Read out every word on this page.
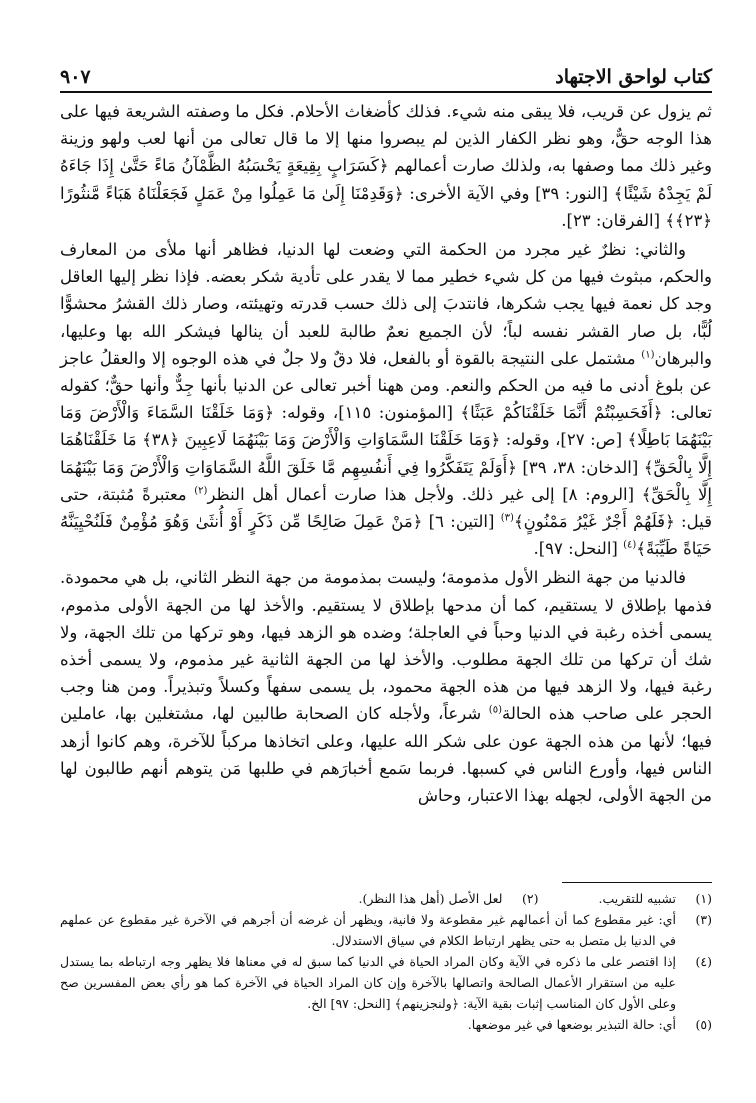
كتاب لواحق الاجتهاد
٩٠٧

ثم يزول عن قريب، فلا يبقى منه شيء. فذلك كأضغاث الأحلام. فكل ما وصفته الشريعة فيها على هذا الوجه حقٌّ، وهو نظر الكفار الذين لم يبصروا منها إلا ما قال تعالى من أنها لعب ولهو وزينة وغير ذلك مما وصفها به، ولذلك صارت أعمالهم ﴿كَسَرَابٍ بِقِيعَةٍ يَحْسَبُهُ الظَّمْآنُ مَاءً حَتَّىٰ إِذَا جَاءَهُ لَمْ يَجِدْهُ شَيْئًا﴾ [النور: ٣٩] وفي الآية الأخرى: ﴿وَقَدِمْنَا إِلَىٰ مَا عَمِلُوا مِنْ عَمَلٍ فَجَعَلْنَاهُ هَبَاءً مَّنثُورًا ﴿٢٣﴾﴾ [الفرقان: ٢٣].

والثاني: نظرٌ غير مجرد من الحكمة التي وضعت لها الدنيا، فظاهر أنها ملأى من المعارف والحكم، مبثوث فيها من كل شيء خطير مما لا يقدر على تأدية شكر بعضه. فإذا نظر إليها العاقل وجد كل نعمة فيها يجب شكرها، فانتدبَ إلى ذلك حسب قدرته وتهيئته، وصار ذلك القشرُ محشوًّا لُبًّا، بل صار القشر نفسه لباً؛ لأن الجميع نعمٌ طالبة للعبد أن ينالها فيشكر الله بها وعليها، والبرهان$^{(١)}$ مشتمل على النتيجة بالقوة أو بالفعل، فلا دقٌ ولا جلٌ في هذه الوجوه إلا والعقلُ عاجز عن بلوغ أدنى ما فيه من الحكم والنعم. ومن ههنا أخبر تعالى عن الدنيا بأنها جِدٌّ وأنها حقٌّ؛ كقوله تعالى: ﴿أَفَحَسِبْتُمْ أَنَّمَا خَلَقْنَاكُمْ عَبَثًا﴾ [المؤمنون: ١١٥]، وقوله: ﴿وَمَا خَلَقْنَا السَّمَاءَ وَالْأَرْضَ وَمَا بَيْنَهُمَا بَاطِلًا﴾ [ص: ٢٧]، وقوله: ﴿وَمَا خَلَقْنَا السَّمَاوَاتِ وَالْأَرْضَ وَمَا بَيْنَهُمَا لَاعِبِينَ ﴿٣٨﴾ مَا خَلَقْنَاهُمَا إِلَّا بِالْحَقِّ﴾ [الدخان: ٣٨، ٣٩] ﴿أَوَلَمْ يَتَفَكَّرُوا فِي أَنفُسِهِم مَّا خَلَقَ اللَّهُ السَّمَاوَاتِ وَالْأَرْضَ وَمَا بَيْنَهُمَا إِلَّا بِالْحَقِّ﴾ [الروم: ٨] إلى غير ذلك. ولأجل هذا صارت أعمال أهل النظر$^{(٢)}$ معتبرةً مُثبتة، حتى قيل: ﴿فَلَهُمْ أَجْرٌ غَيْرُ مَمْنُونٍ﴾$^{(٣)}$ [التين: ٦] ﴿مَنْ عَمِلَ صَالِحًا مِّن ذَكَرٍ أَوْ أُنثَىٰ وَهُوَ مُؤْمِنٌ فَلَنُحْيِيَنَّهُ حَيَاةً طَيِّبَةً﴾$^{(٤)}$ [النحل: ٩٧].

فالدنيا من جهة النظر الأول مذمومة؛ وليست بمذمومة من جهة النظر الثاني، بل هي محمودة. فذمها بإطلاق لا يستقيم، كما أن مدحها بإطلاق لا يستقيم. والأخذ لها من الجهة الأولى مذموم، يسمى أخذه رغبة في الدنيا وحباً في العاجلة؛ وضده هو الزهد فيها، وهو تركها من تلك الجهة، ولا شك أن تركها من تلك الجهة مطلوب. والأخذ لها من الجهة الثانية غير مذموم، ولا يسمى أخذه رغبة فيها، ولا الزهد فيها من هذه الجهة محمود، بل يسمى سفهاً وكسلاً وتبذيراً. ومن هنا وجب الحجر على صاحب هذه الحالة$^{(٥)}$ شرعاً، ولأجله كان الصحابة طالبين لها، مشتغلين بها، عاملين فيها؛ لأنها من هذه الجهة عون على شكر الله عليها، وعلى اتخاذها مركباً للآخرة، وهم كانوا أزهد الناس فيها، وأورع الناس في كسبها. فربما سَمع أخبارَهم في طلبها مَن يتوهم أنهم طالبون لها من الجهة الأولى، لجهله بهذا الاعتبار، وحاش

(١)
تشبيه للتقريب.
(٢)
لعل الأصل (أهل هذا النظر).
(٣)
أي: غير مقطوع كما أن أعمالهم غير مقطوعة ولا فانية، ويظهر أن غرضه أن أجرهم في الآخرة غير مقطوع عن عملهم في الدنيا بل متصل به حتى يظهر ارتباط الكلام في سياق الاستدلال.
(٤)
إذا اقتصر على ما ذكره في الآية وكان المراد الحياة في الدنيا كما سبق له في معناها فلا يظهر وجه ارتباطه بما يستدل عليه من استقرار الأعمال الصالحة واتصالها بالآخرة وإن كان المراد الحياة في الآخرة كما هو رأي بعض المفسرين صح وعلى الأول كان المناسب إثبات بقية الآية: ﴿ولنجزينهم﴾ [النحل: ٩٧] الخ.
(٥)
أي: حالة التبذير بوضعها في غير موضعها.
